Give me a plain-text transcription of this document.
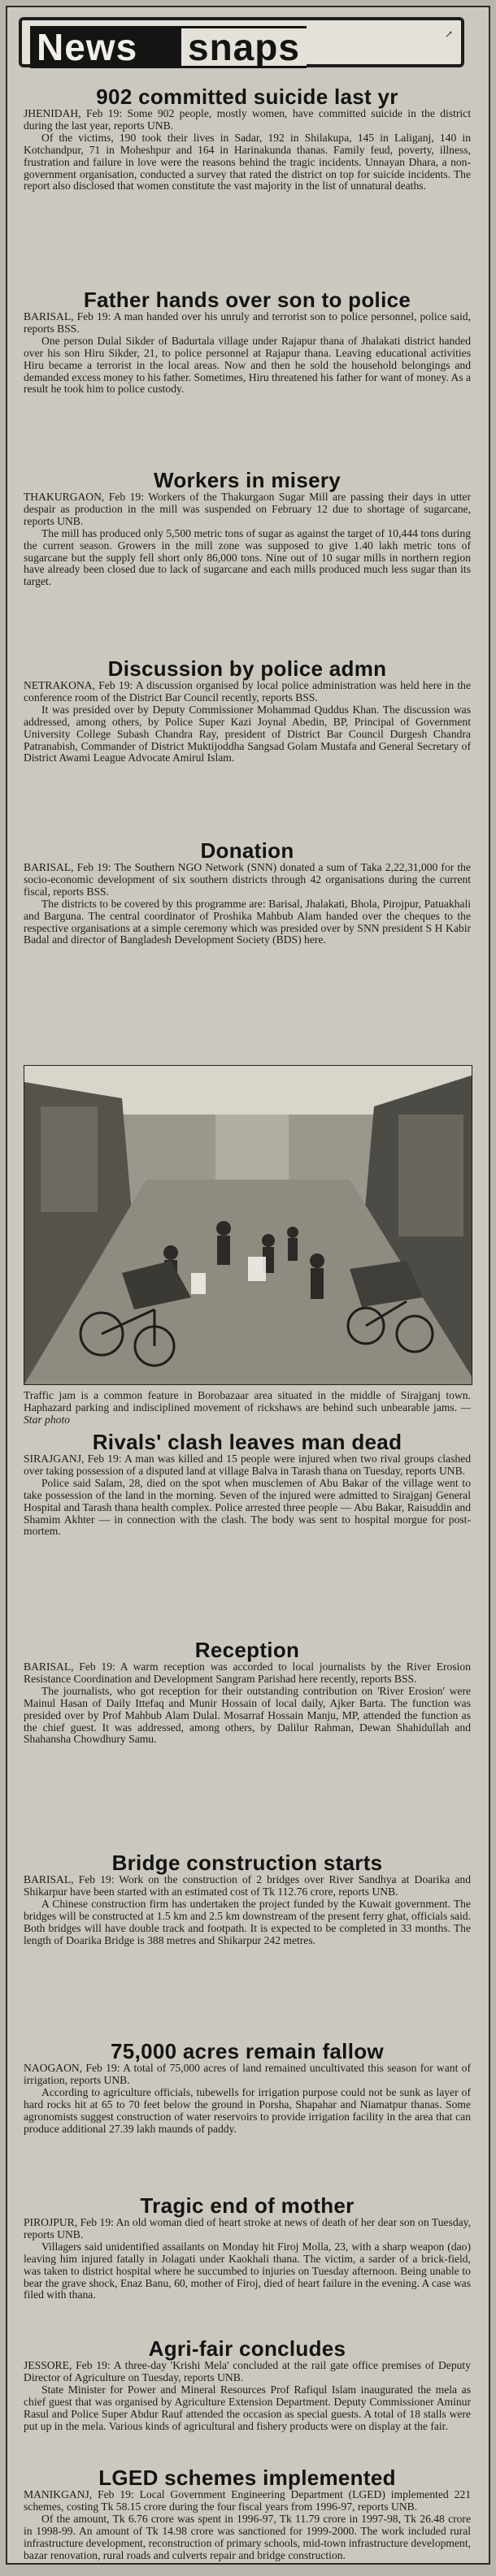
News snaps	↗
902 committed suicide last yr

JHENIDAH, Feb 19: Some 902 people, mostly women, have committed suicide in the district during the last year, reports UNB.

Of the victims, 190 took their lives in Sadar, 192 in Shilakupa, 145 in Laliganj, 140 in Kotchandpur, 71 in Moheshpur and 164 in Harinakunda thanas. Family feud, poverty, illness, frustration and failure in love were the reasons behind the tragic incidents. Unnayan Dhara, a non-government organisation, conducted a survey that rated the district on top for suicide incidents. The report also disclosed that women constitute the vast majority in the list of unnatural deaths.

Father hands over son to police

BARISAL, Feb 19: A man handed over his unruly and terrorist son to police personnel, police said, reports BSS.

One person Dulal Sikder of Badurtala village under Rajapur thana of Jhalakati district handed over his son Hiru Sikder, 21, to police personnel at Rajapur thana. Leaving educational activities Hiru became a terrorist in the local areas. Now and then he sold the household belongings and demanded excess money to his father. Sometimes, Hiru threatened his father for want of money. As a result he took him to police custody.

Workers in misery

THAKURGAON, Feb 19: Workers of the Thakurgaon Sugar Mill are passing their days in utter despair as production in the mill was suspended on February 12 due to shortage of sugarcane, reports UNB.

The mill has produced only 5,500 metric tons of sugar as against the target of 10,444 tons during the current season. Growers in the mill zone was supposed to give 1.40 lakh metric tons of sugarcane but the supply fell short only 86,000 tons. Nine out of 10 sugar mills in northern region have already been closed due to lack of sugarcane and each mills produced much less sugar than its target.

Discussion by police admn

NETRAKONA, Feb 19: A discussion organised by local police administration was held here in the conference room of the District Bar Council recently, reports BSS.

It was presided over by Deputy Commissioner Mohammad Quddus Khan. The discussion was addressed, among others, by Police Super Kazi Joynal Abedin, BP, Principal of Government University College Subash Chandra Ray, president of District Bar Council Durgesh Chandra Patranabish, Commander of District Muktijoddha Sangsad Golam Mustafa and General Secretary of District Awami League Advocate Amirul Islam.

Donation

BARISAL, Feb 19: The Southern NGO Network (SNN) donated a sum of Taka 2,22,31,000 for the socio-economic development of six southern districts through 42 organisations during the current fiscal, reports BSS.

The districts to be covered by this programme are: Barisal, Jhalakati, Bhola, Pirojpur, Patuakhali and Barguna. The central coordinator of Proshika Mahbub Alam handed over the cheques to the respective organisations at a simple ceremony which was presided over by SNN president S H Kabir Badal and director of Bangladesh Development Society (BDS) here.

Traffic jam is a common feature in Borobazaar area situated in the middle of Sirajganj town. Haphazard parking and indisciplined movement of rickshaws are behind such unbearable jams. — Star photo
Rivals' clash leaves man dead

SIRAJGANJ, Feb 19: A man was killed and 15 people were injured when two rival groups clashed over taking possession of a disputed land at village Balva in Tarash thana on Tuesday, reports UNB.

Police said Salam, 28, died on the spot when musclemen of Abu Bakar of the village went to take possession of the land in the morning. Seven of the injured were admitted to Sirajganj General Hospital and Tarash thana health complex. Police arrested three people — Abu Bakar, Raisuddin and Shamim Akhter — in connection with the clash. The body was sent to hospital morgue for post-mortem.

Reception

BARISAL, Feb 19: A warm reception was accorded to local journalists by the River Erosion Resistance Coordination and Development Sangram Parishad here recently, reports BSS.

The journalists, who got reception for their outstanding contribution on 'River Erosion' were Mainul Hasan of Daily Ittefaq and Munir Hossain of local daily, Ajker Barta. The function was presided over by Prof Mahbub Alam Dulal. Mosarraf Hossain Manju, MP, attended the function as the chief guest. It was addressed, among others, by Dalilur Rahman, Dewan Shahidullah and Shahansha Chowdhury Samu.

Bridge construction starts

BARISAL, Feb 19: Work on the construction of 2 bridges over River Sandhya at Doarika and Shikarpur have been started with an estimated cost of Tk 112.76 crore, reports UNB.

A Chinese construction firm has undertaken the project funded by the Kuwait government. The bridges will be constructed at 1.5 km and 2.5 km downstream of the present ferry ghat, officials said. Both bridges will have double track and footpath. It is expected to be completed in 33 months. The length of Doarika Bridge is 388 metres and Shikarpur 242 metres.

75,000 acres remain fallow

NAOGAON, Feb 19: A total of 75,000 acres of land remained uncultivated this season for want of irrigation, reports UNB.

According to agriculture officials, tubewells for irrigation purpose could not be sunk as layer of hard rocks hit at 65 to 70 feet below the ground in Porsha, Shapahar and Niamatpur thanas. Some agronomists suggest construction of water reservoirs to provide irrigation facility in the area that can produce additional 27.39 lakh maunds of paddy.

Tragic end of mother

PIROJPUR, Feb 19: An old woman died of heart stroke at news of death of her dear son on Tuesday, reports UNB.

Villagers said unidentified assailants on Monday hit Firoj Molla, 23, with a sharp weapon (dao) leaving him injured fatally in Jolagati under Kaokhali thana. The victim, a sarder of a brick-field, was taken to district hospital where he succumbed to injuries on Tuesday afternoon. Being unable to bear the grave shock, Enaz Banu, 60, mother of Firoj, died of heart failure in the evening. A case was filed with thana.

Agri-fair concludes

JESSORE, Feb 19: A three-day 'Krishi Mela' concluded at the rail gate office premises of Deputy Director of Agriculture on Tuesday, reports UNB.

State Minister for Power and Mineral Resources Prof Rafiqul Islam inaugurated the mela as chief guest that was organised by Agriculture Extension Department. Deputy Commissioner Aminur Rasul and Police Super Abdur Rauf attended the occasion as special guests. A total of 18 stalls were put up in the mela. Various kinds of agricultural and fishery products were on display at the fair.

LGED schemes implemented

MANIKGANJ, Feb 19: Local Government Engineering Department (LGED) implemented 221 schemes, costing Tk 58.15 crore during the four fiscal years from 1996-97, reports UNB.

Of the amount, Tk 6.76 crore was spent in 1996-97, Tk 11.79 crore in 1997-98, Tk 26.48 crore in 1998-99. An amount of Tk 14.98 crore was sanctioned for 1999-2000. The work included rural infrastructure development, reconstruction of primary schools, mid-town infrastructure development, bazar renovation, rural roads and culverts repair and bridge construction.
